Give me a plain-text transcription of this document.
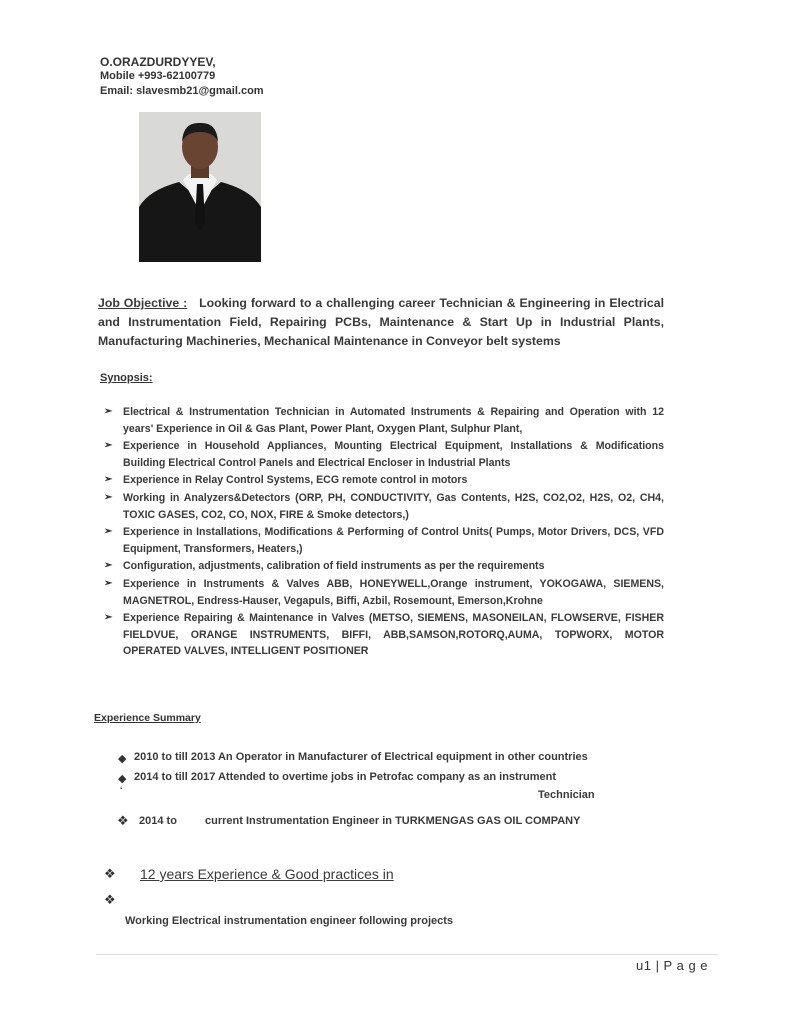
O.ORAZDURDYYEV,
Mobile +993-62100779
Email: slavesmb21@gmail.com
Job Objective : Looking forward to a challenging career Technician & Engineering in Electrical and Instrumentation Field, Repairing PCBs, Maintenance & Start Up in Industrial Plants, Manufacturing Machineries, Mechanical Maintenance in Conveyor belt systems
Synopsis:
➢ Electrical & Instrumentation Technician in Automated Instruments & Repairing and Operation with 12 years' Experience in Oil & Gas Plant, Power Plant, Oxygen Plant, Sulphur Plant,
➢ Experience in Household Appliances, Mounting Electrical Equipment, Installations & Modifications Building Electrical Control Panels and Electrical Encloser in Industrial Plants
➢ Experience in Relay Control Systems, ECG remote control in motors
➢ Working in Analyzers&Detectors (ORP, PH, CONDUCTIVITY, Gas Contents, H2S, CO2,O2, H2S, O2, CH4, TOXIC GASES, CO2, CO, NOX, FIRE & Smoke detectors,)
➢ Experience in Installations, Modifications & Performing of Control Units( Pumps, Motor Drivers, DCS, VFD Equipment, Transformers, Heaters,)
➢ Configuration, adjustments, calibration of field instruments as per the requirements
➢ Experience in Instruments & Valves ABB, HONEYWELL,Orange instrument, YOKOGAWA, SIEMENS, MAGNETROL, Endress-Hauser, Vegapuls, Biffi, Azbil, Rosemount, Emerson,Krohne
➢ Experience Repairing & Maintenance in Valves (METSO, SIEMENS, MASONEILAN, FLOWSERVE, FISHER FIELDVUE, ORANGE INSTRUMENTS, BIFFI, ABB,SAMSON,ROTORQ,AUMA, TOPWORX, MOTOR OPERATED VALVES, INTELLIGENT POSITIONER
Experience Summary
◆ 2010 to till 2013 An Operator in Manufacturer of Electrical equipment in other countries
◆ 2014 to till 2017 Attended to overtime jobs in Petrofac company as an instrument
‘	Technician
❖ 2014 to	current Instrumentation Engineer in TURKMENGAS GAS OIL COMPANY
❖ 12 years Experience & Good practices in
❖
Working Electrical instrumentation engineer following projects
u1 | P a g e
